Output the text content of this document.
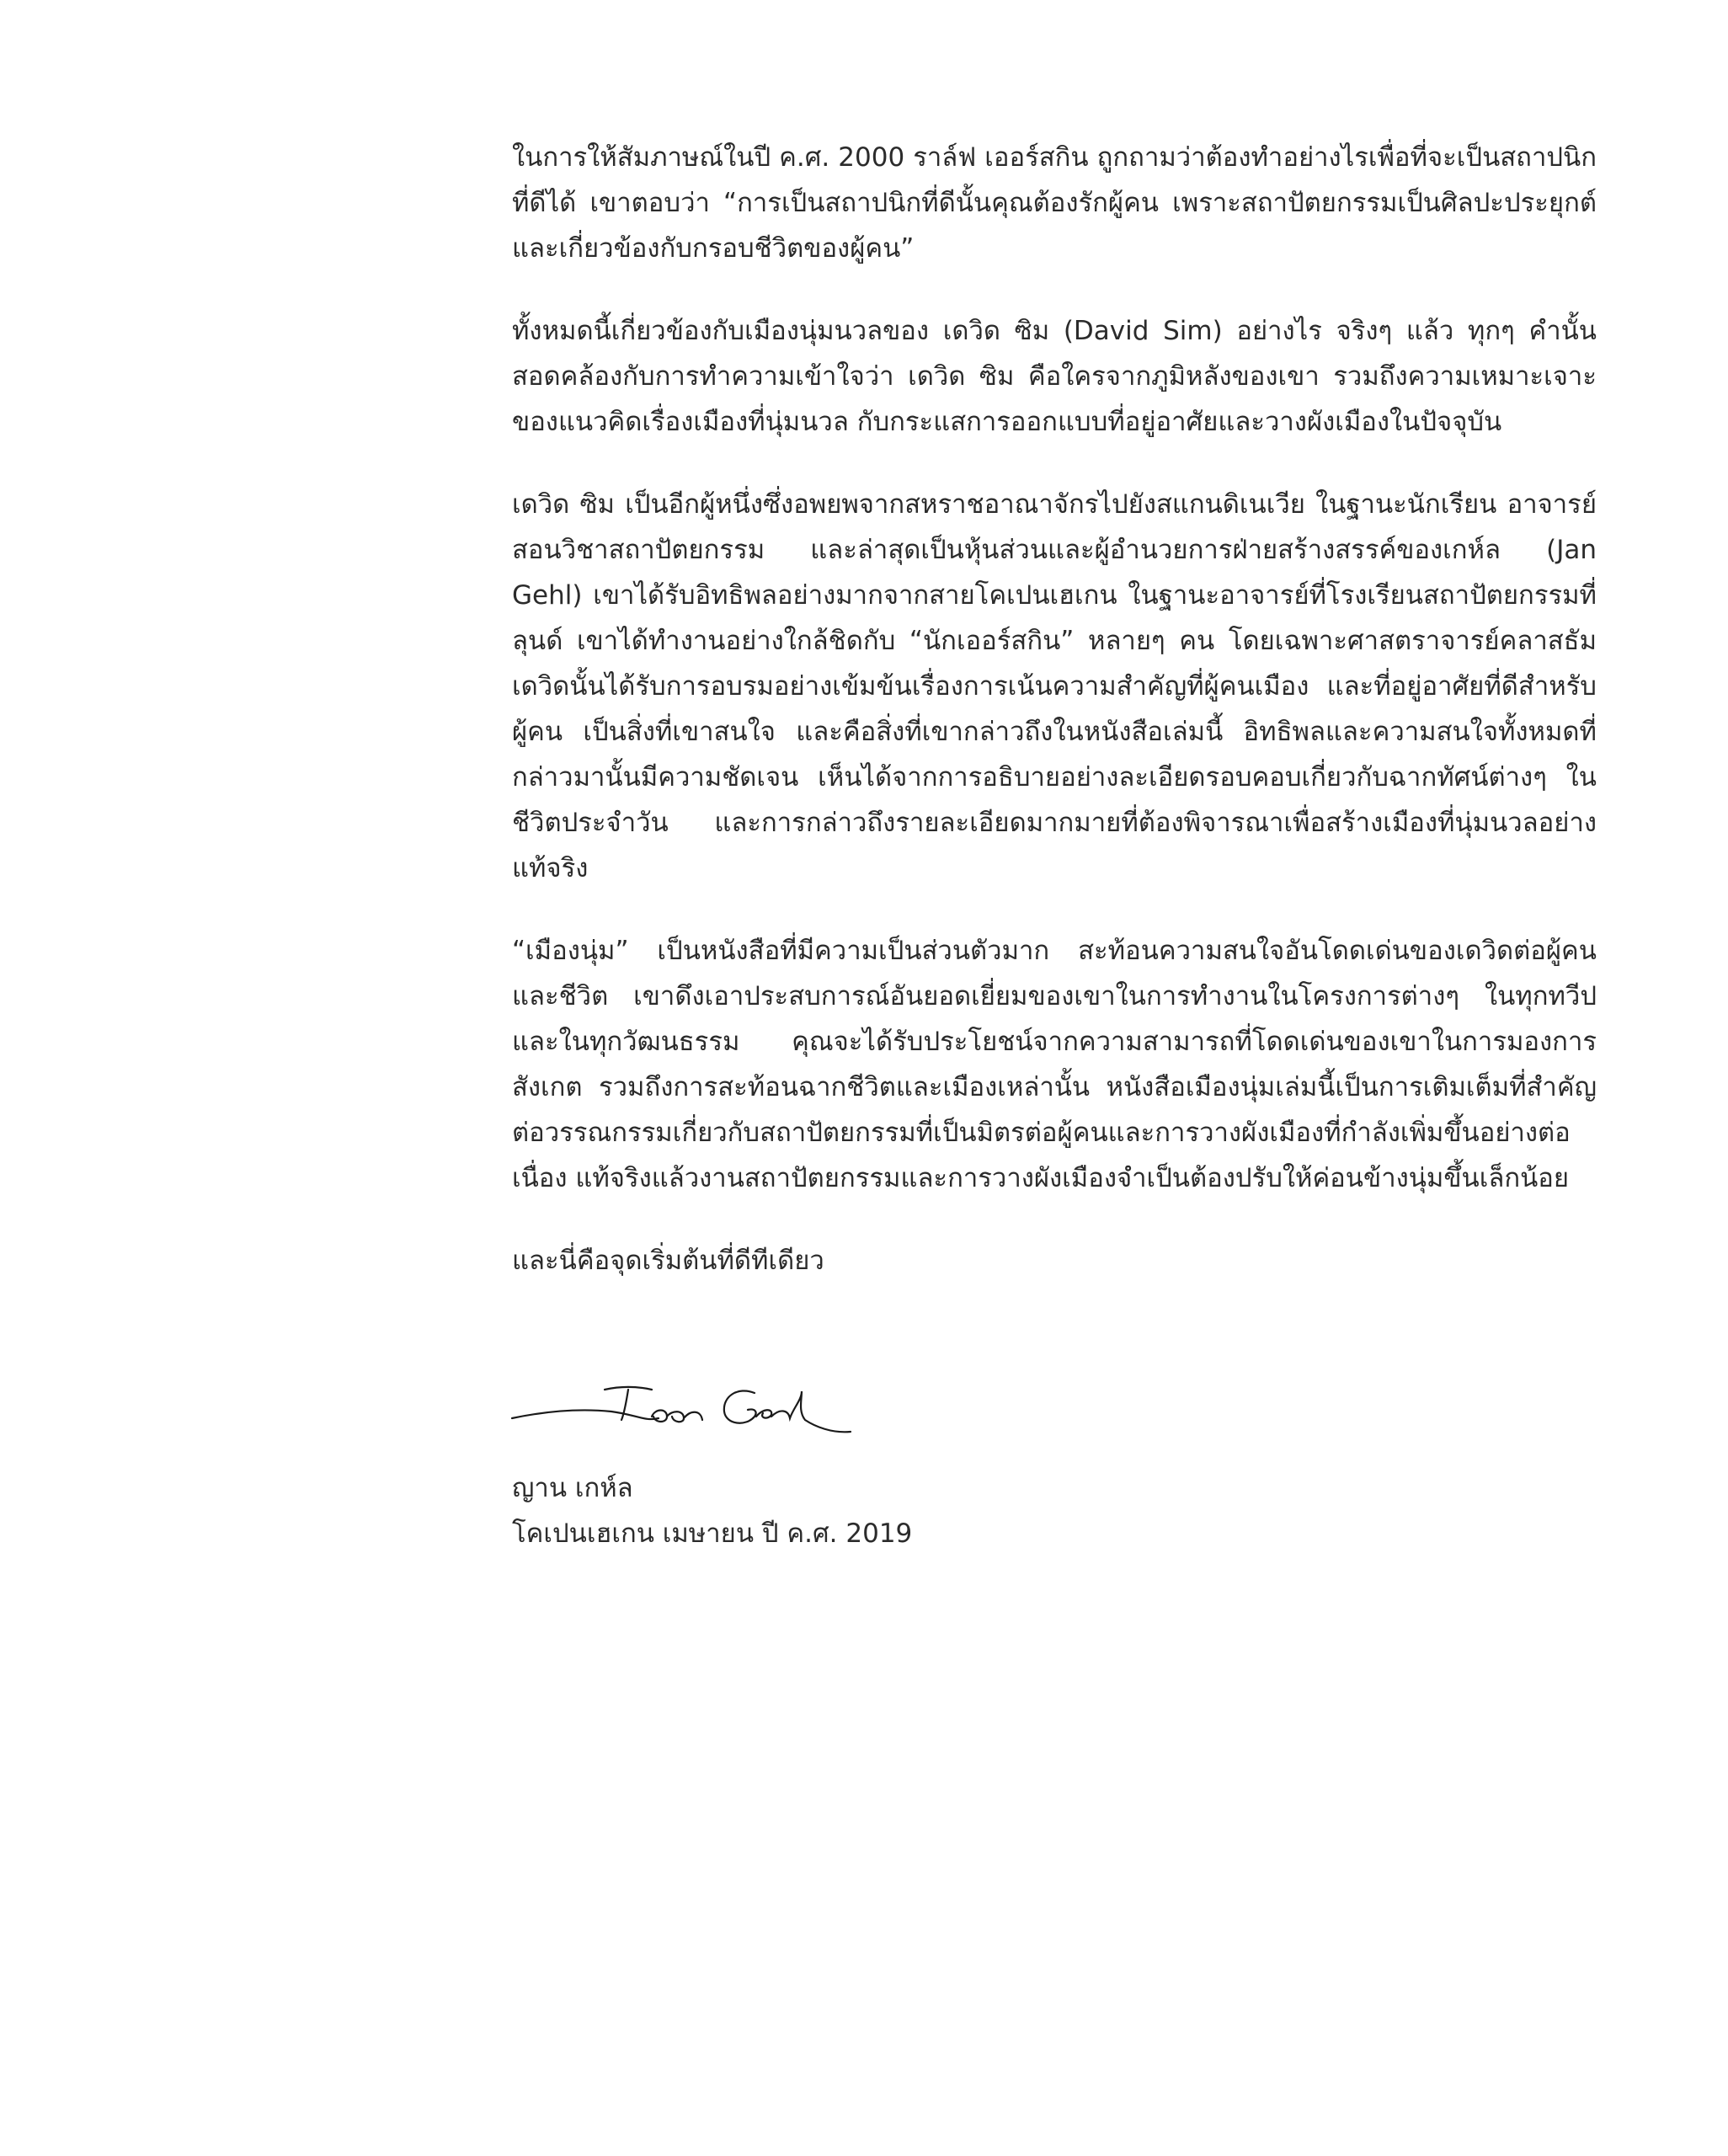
ในการให้สัมภาษณ์ในปี ค.ศ. 2000 ราล์ฟ เออร์สกิน ถูกถามว่าต้องทำอย่างไรเพื่อที่จะเป็นสถาปนิกที่ดีได้ เขาตอบว่า “การเป็นสถาปนิกที่ดีนั้นคุณต้องรักผู้คน เพราะสถาปัตยกรรมเป็นศิลปะประยุกต์และเกี่ยวข้องกับกรอบชีวิตของผู้คน”

ทั้งหมดนี้เกี่ยวข้องกับเมืองนุ่มนวลของ เดวิด ซิม (David Sim) อย่างไร จริงๆ แล้ว ทุกๆ คำนั้นสอดคล้องกับการทำความเข้าใจว่า เดวิด ซิม คือใครจากภูมิหลังของเขา รวมถึงความเหมาะเจาะของแนวคิดเรื่องเมืองที่นุ่มนวล กับกระแสการออกแบบที่อยู่อาศัยและวางผังเมืองในปัจจุบัน

เดวิด ซิม เป็นอีกผู้หนึ่งซึ่งอพยพจากสหราชอาณาจักรไปยังสแกนดิเนเวีย ในฐานะนักเรียน อาจารย์สอนวิชาสถาปัตยกรรม และล่าสุดเป็นหุ้นส่วนและผู้อำนวยการฝ่ายสร้างสรรค์ของเกห์ล (Jan Gehl) เขาได้รับอิทธิพลอย่างมากจากสายโคเปนเฮเกน ในฐานะอาจารย์ที่โรงเรียนสถาปัตยกรรมที่ลุนด์ เขาได้ทำงานอย่างใกล้ชิดกับ “นักเออร์สกิน” หลายๆ คน โดยเฉพาะศาสตราจารย์คลาสธัม เดวิดนั้นได้รับการอบรมอย่างเข้มข้นเรื่องการเน้นความสำคัญที่ผู้คนเมือง และที่อยู่อาศัยที่ดีสำหรับผู้คน เป็นสิ่งที่เขาสนใจ และคือสิ่งที่เขากล่าวถึงในหนังสือเล่มนี้ อิทธิพลและความสนใจทั้งหมดที่กล่าวมานั้นมีความชัดเจน เห็นได้จากการอธิบายอย่างละเอียดรอบคอบเกี่ยวกับฉากทัศน์ต่างๆ ในชีวิตประจำวัน และการกล่าวถึงรายละเอียดมากมายที่ต้องพิจารณาเพื่อสร้างเมืองที่นุ่มนวลอย่างแท้จริง

“เมืองนุ่ม” เป็นหนังสือที่มีความเป็นส่วนตัวมาก สะท้อนความสนใจอันโดดเด่นของเดวิดต่อผู้คนและชีวิต เขาดึงเอาประสบการณ์อันยอดเยี่ยมของเขาในการทำงานในโครงการต่างๆ ในทุกทวีปและในทุกวัฒนธรรม คุณจะได้รับประโยชน์จากความสามารถที่โดดเด่นของเขาในการมองการสังเกต รวมถึงการสะท้อนฉากชีวิตและเมืองเหล่านั้น หนังสือเมืองนุ่มเล่มนี้เป็นการเติมเต็มที่สำคัญต่อวรรณกรรมเกี่ยวกับสถาปัตยกรรมที่เป็นมิตรต่อผู้คนและการวางผังเมืองที่กำลังเพิ่มขึ้นอย่างต่อเนื่อง แท้จริงแล้วงานสถาปัตยกรรมและการวางผังเมืองจำเป็นต้องปรับให้ค่อนข้างนุ่มขึ้นเล็กน้อย

และนี่คือจุดเริ่มต้นที่ดีทีเดียว

ญาน เกห์ล
โคเปนเฮเกน เมษายน ปี ค.ศ. 2019
